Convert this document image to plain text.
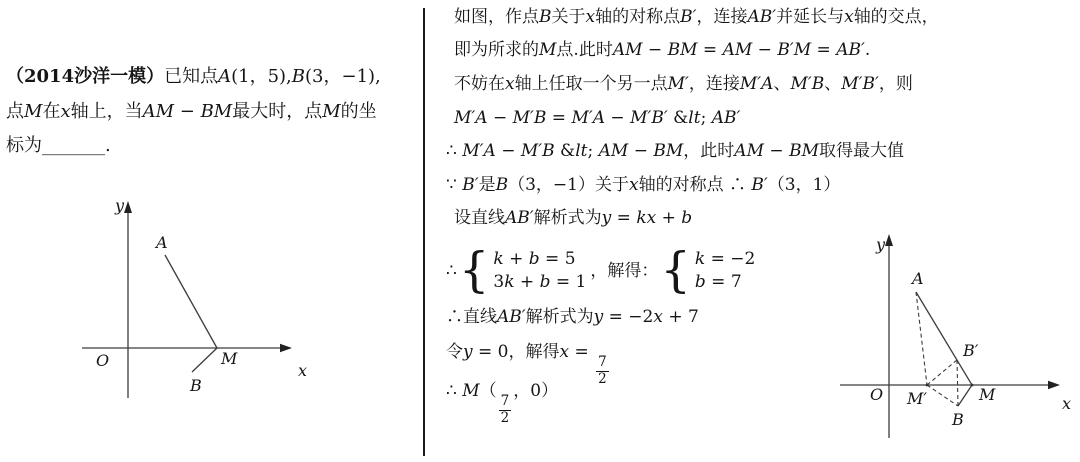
（2014沙洋一模）已知点A(1，5),B(3，−1),
点M在x轴上，当AM − BM最大时，点M的坐
标为_______.
y
x
O
A
M
B
如图，作点B关于x轴的对称点B′，连接AB′并延长与x轴的交点，
即为所求的M点.此时AM − BM = AM − B′M = AB′.
不妨在x轴上任取一个另一点M′，连接M′A、M′B、M′B′，则
M′A − M′B = M′A − M′B′ &lt; AB′
∴ M′A − M′B &lt; AM − BM，此时AM − BM取得最大值
∵ B′是B（3，−1）关于x轴的对称点 ∴ B′（3，1）
设直线AB′解析式为y = kx + b
∴ { k + b = 5
3k + b = 1
，解得： { k = −2
b = 7
∴直线AB′解析式为y = −2x + 7
令y = 0，解得x =
$\frac{7}{2}$
∴ M（
$\frac{7}{2}$
，0）
y
x
O
A
B′
M
M′
B
